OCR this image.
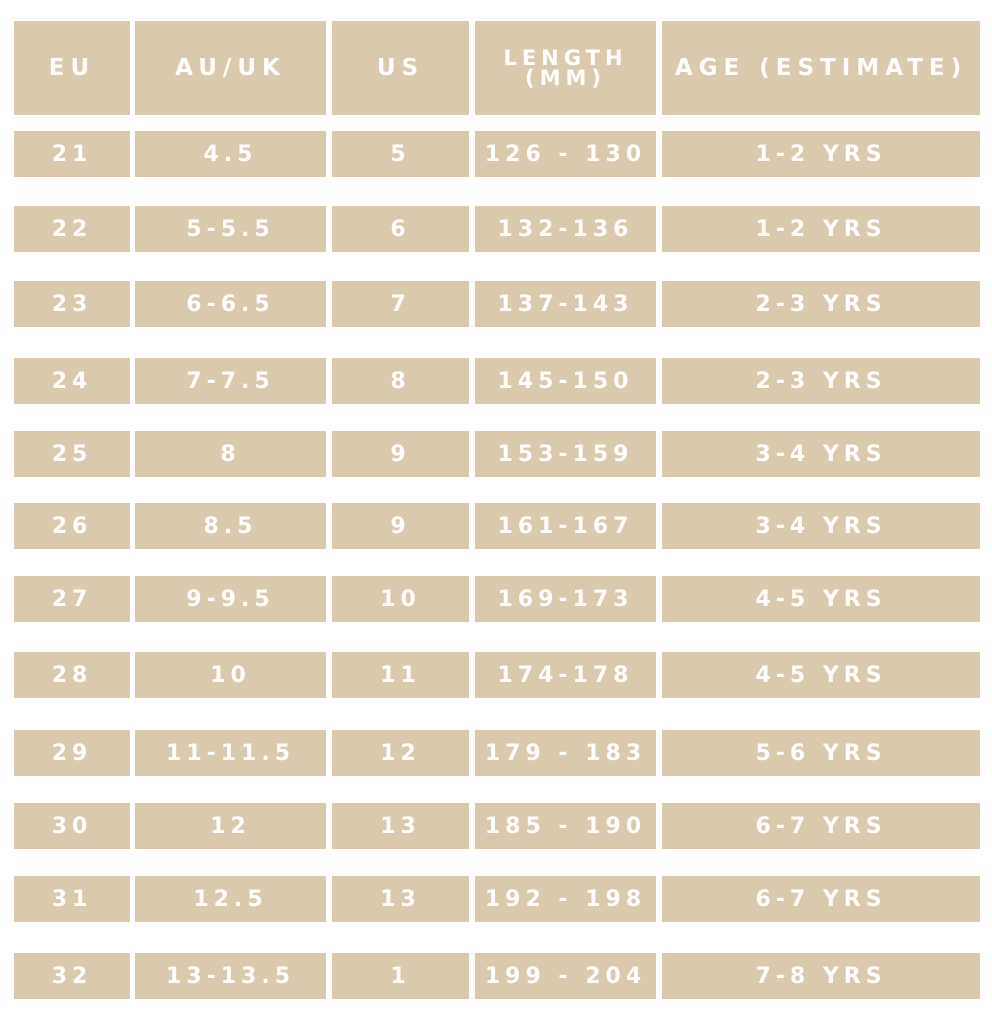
EU	AU/UK	US	LENGTH (MM)	AGE (ESTIMATE)
21	4.5	5	126 - 130	1-2 YRS
22	5-5.5	6	132-136	1-2 YRS
23	6-6.5	7	137-143	2-3 YRS
24	7-7.5	8	145-150	2-3 YRS
25	8	9	153-159	3-4 YRS
26	8.5	9	161-167	3-4 YRS
27	9-9.5	10	169-173	4-5 YRS
28	10	11	174-178	4-5 YRS
29	11-11.5	12	179 - 183	5-6 YRS
30	12	13	185 - 190	6-7 YRS
31	12.5	13	192 - 198	6-7 YRS
32	13-13.5	1	199 - 204	7-8 YRS
